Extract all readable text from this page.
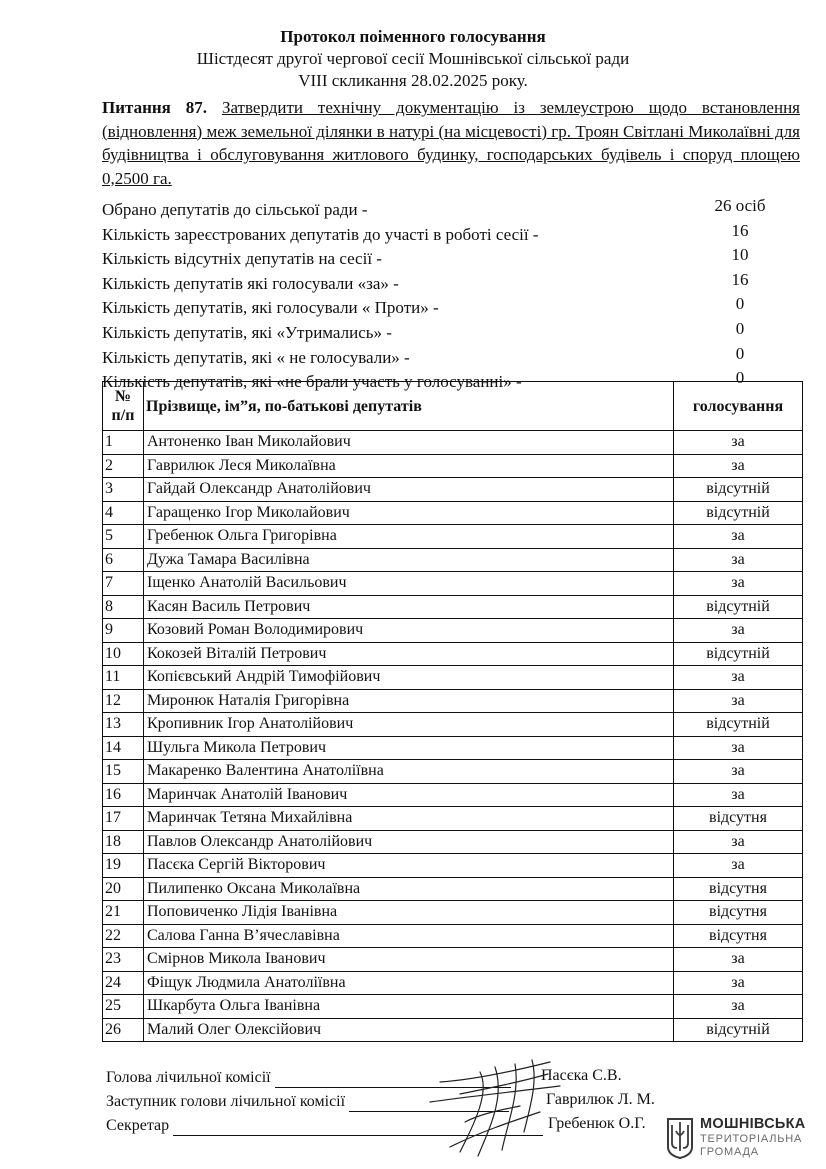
Протокол поіменного голосування
Шістдесят другої чергової сесії Мошнівської сільської ради
VIII скликання 28.02.2025 року.
Питання 87. Затвердити технічну документацію із землеустрою щодо встановлення (відновлення) меж земельної ділянки в натурі (на місцевості) гр. Троян Світлані Миколаївні для будівництва і обслуговування житлового будинку, господарських будівель і споруд площею 0,2500 га.
Обрано депутатів до сільської ради -	26 осіб
Кількість зареєстрованих депутатів до участі в роботі сесії -	16
Кількість відсутніх депутатів на сесії -	10
Кількість депутатів які голосували «за» -	16
Кількість депутатів, які голосували « Проти» -	0
Кількість депутатів, які «Утримались» -	0
Кількість депутатів, які « не голосували» -	0
Кількість депутатів, які «не брали участь у голосуванні» -	0
№
п/п	Прізвище, ім”я, по-батькові депутатів	голосування
1	Антоненко Іван Миколайович	за
2	Гаврилюк Леся Миколаївна	за
3	Гайдай Олександр Анатолійович	відсутній
4	Гаращенко Ігор Миколайович	відсутній
5	Гребенюк Ольга Григорівна	за
6	Дужа Тамара Василівна	за
7	Іщенко Анатолій Васильович	за
8	Касян Василь Петрович	відсутній
9	Козовий Роман Володимирович	за
10	Кокозей Віталій Петрович	відсутній
11	Копієвський Андрій Тимофійович	за
12	Миронюк Наталія Григорівна	за
13	Кропивник Ігор Анатолійович	відсутній
14	Шульга Микола Петрович	за
15	Макаренко Валентина Анатоліївна	за
16	Маринчак Анатолій Іванович	за
17	Маринчак Тетяна Михайлівна	відсутня
18	Павлов Олександр Анатолійович	за
19	Пасєка Сергій Вікторович	за
20	Пилипенко Оксана Миколаївна	відсутня
21	Поповиченко Лідія Іванівна	відсутня
22	Салова Ганна В’ячеславівна	відсутня
23	Смірнов Микола Іванович	за
24	Фіщук Людмила Анатоліївна	за
25	Шкарбута Ольга Іванівна	за
26	Малий Олег Олексійович	відсутній
Голова лічильної комісії	Пасєка С.В.
Заступник голови лічильної комісії	Гаврилюк Л. М.
Секретар	Гребенюк О.Г.	МОШНІВСЬКА
ТЕРИТОРІАЛЬНА
ГРОМАДА
